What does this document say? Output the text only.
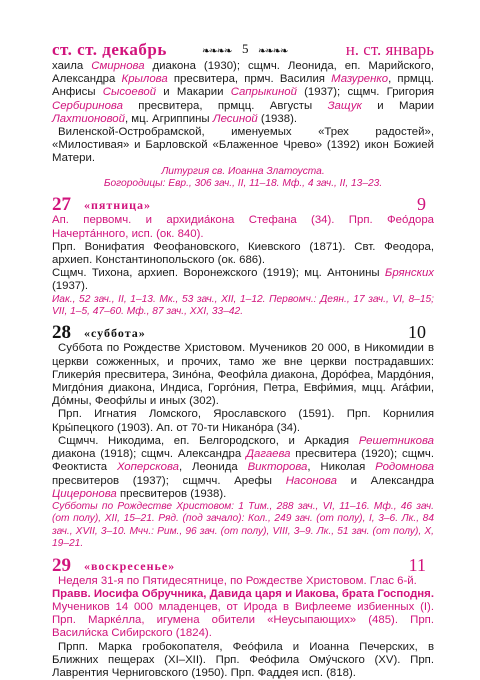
ст. ст. декабрь	❧❧❧❧ 5 ❧❧❧❧	н. ст. январь

хаила Смирнова диакона (1930); сщмч. Леонида, еп. Марийского, Александра Крылова пресвитера, прмч. Василия Мазуренко, прмцц. Анфисы Сысоевой и Макарии Сапрыкиной (1937); сщмч. Григория Сербиринова пресвитера, прмцц. Августы Защук и Марии Лахтионовой, мц. Агриппины Лесиной (1938).

Виленской-Остробрамской, именуемых «Трех радостей», «Милостивая» и Барловской «Блаженное Чрево» (1392) икон Божией Матери.

Литургия св. Иоанна Златоуста.

Богородицы: Евр., 306 зач., II, 11–18. Мф., 4 зач., II, 13–23.

27 «пятница»	9

Ап. первомч. и архидиа́кона Стефана (34). Прп. Фео́дора Начерта́нного, исп. (ок. 840).

Прп. Вонифатия Феофановского, Киевского (1871). Свт. Феодора, архиеп. Константинопольского (ок. 686).

Сщмч. Тихона, архиеп. Воронежского (1919); мц. Антонины Брянских (1937).

Иак., 52 зач., II, 1–13. Мк., 53 зач., XII, 1–12. Первомч.: Деян., 17 зач., VI, 8–15; VII, 1–5, 47–60. Мф., 87 зач., XXI, 33–42.

28 «суббота»	10

Суббота по Рождестве Христовом. Мучеников 20 000, в Никомидии в церкви сожженных, и прочих, тамо же вне церкви пострадавших: Гликери́я пресвитера, Зино́на, Феофи́ла диакона, Доро́феа, Мардо́ния, Мигдо́ния диакона, Индиса, Горго́ния, Петра, Евфи́мия, мцц. Ага́фии, До́мны, Феофи́лы и иных (302).

Прп. Игнатия Ломского, Ярославского (1591). Прп. Корнилия Кры́пецкого (1903). Ап. от 70-ти Никано́ра (34).

Сщмчч. Никодима, еп. Белгородского, и Аркадия Решетникова диакона (1918); сщмч. Александра Дагаева пресвитера (1920); сщмч. Феоктиста Хоперскова, Леонида Викторова, Николая Родомнова пресвитеров (1937); сщмчч. Арефы Насонова и Александра Цицеронова пресвитеров (1938).

Субботы по Рождестве Христовом: 1 Тим., 288 зач., VI, 11–16. Мф., 46 зач. (от полу), XII, 15–21. Ряд. (под зачало): Кол., 249 зач. (от полу), I, 3–6. Лк., 84 зач., XVII, 3–10. Мчч.: Рим., 96 зач. (от полу), VIII, 3–9. Лк., 51 зач. (от полу), X, 19–21.

29 «воскресенье»	11

Неделя 31-я по Пятидесятнице, по Рождестве Христовом. Глас 6-й.

Правв. Иосифа Обручника, Давида царя и Иакова, брата Господня. Мучеников 14 000 младенцев, от Ирода в Вифлееме избиенных (I). Прп. Марке́лла, игумена обители «Неусыпающих» (485). Прп. Васили́ска Сибирского (1824).

Прпп. Марка гробокопателя, Фео́фила и Иоанна Печерских, в Ближних пещерах (XI–XII). Прп. Фео́фила Ому́чского (XV). Прп. Лаврентия Черниговского (1950). Прп. Фаддея исп. (818).
